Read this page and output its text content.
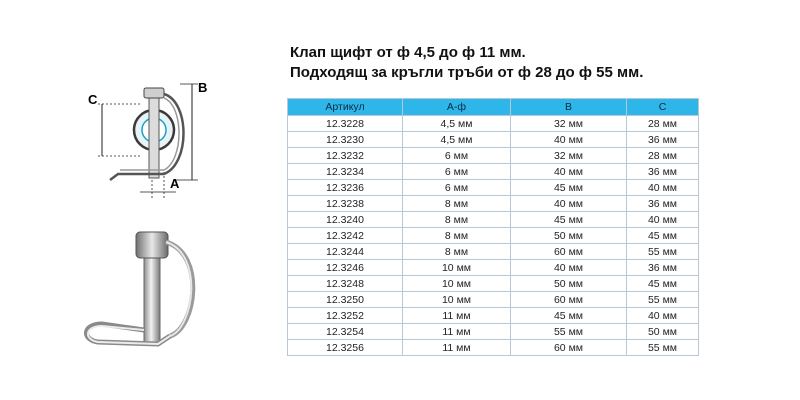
C
B
A
Клап щифт от ф 4,5 до ф 11 мм.
Подходящ за кръгли тръби от ф 28 до ф 55 мм.
Артикул	А-ф	B	C
12.3228	4,5 мм	32 мм	28 мм
12.3230	4,5 мм	40 мм	36 мм
12.3232	6 мм	32 мм	28 мм
12.3234	6 мм	40 мм	36 мм
12.3236	6 мм	45 мм	40 мм
12.3238	8 мм	40 мм	36 мм
12.3240	8 мм	45 мм	40 мм
12.3242	8 мм	50 мм	45 мм
12.3244	8 мм	60 мм	55 мм
12.3246	10 мм	40 мм	36 мм
12.3248	10 мм	50 мм	45 мм
12.3250	10 мм	60 мм	55 мм
12.3252	11 мм	45 мм	40 мм
12.3254	11 мм	55 мм	50 мм
12.3256	11 мм	60 мм	55 мм
